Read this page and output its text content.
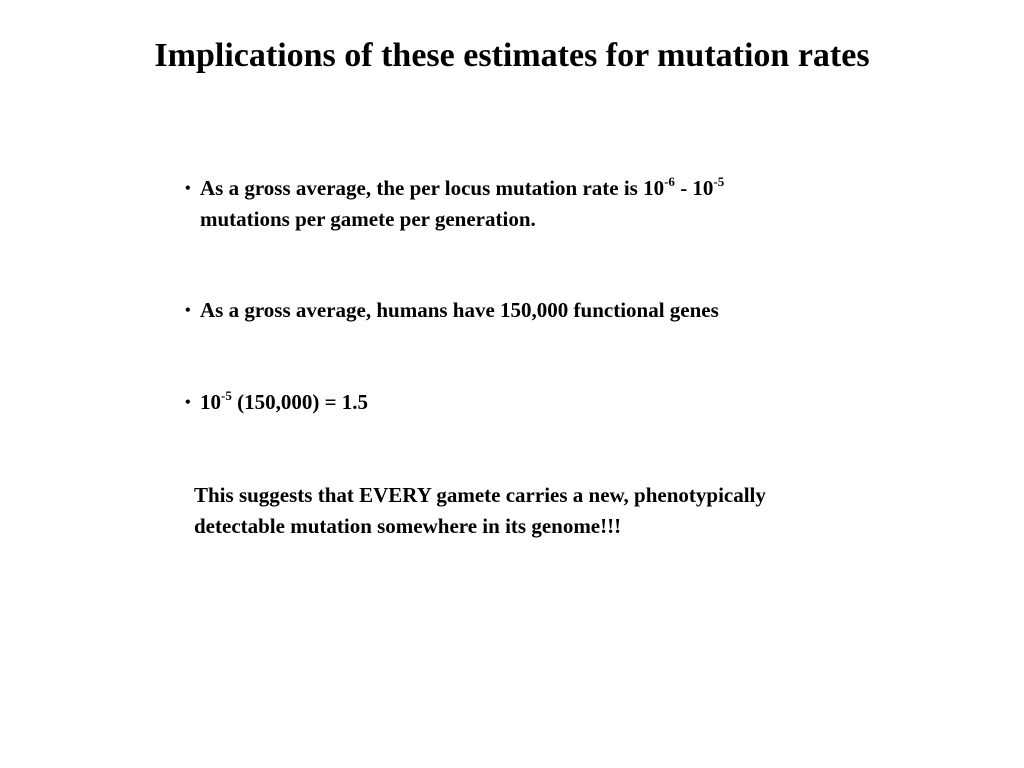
Implications of these estimates for mutation rates
• As a gross average, the per locus mutation rate is $10^{-6} - 10^{-5}$
mutations per gamete per generation.
• As a gross average, humans have 150,000 functional genes
• $10^{-5}$ (150,000) = 1.5
This suggests that EVERY gamete carries a new, phenotypically
detectable mutation somewhere in its genome!!!
